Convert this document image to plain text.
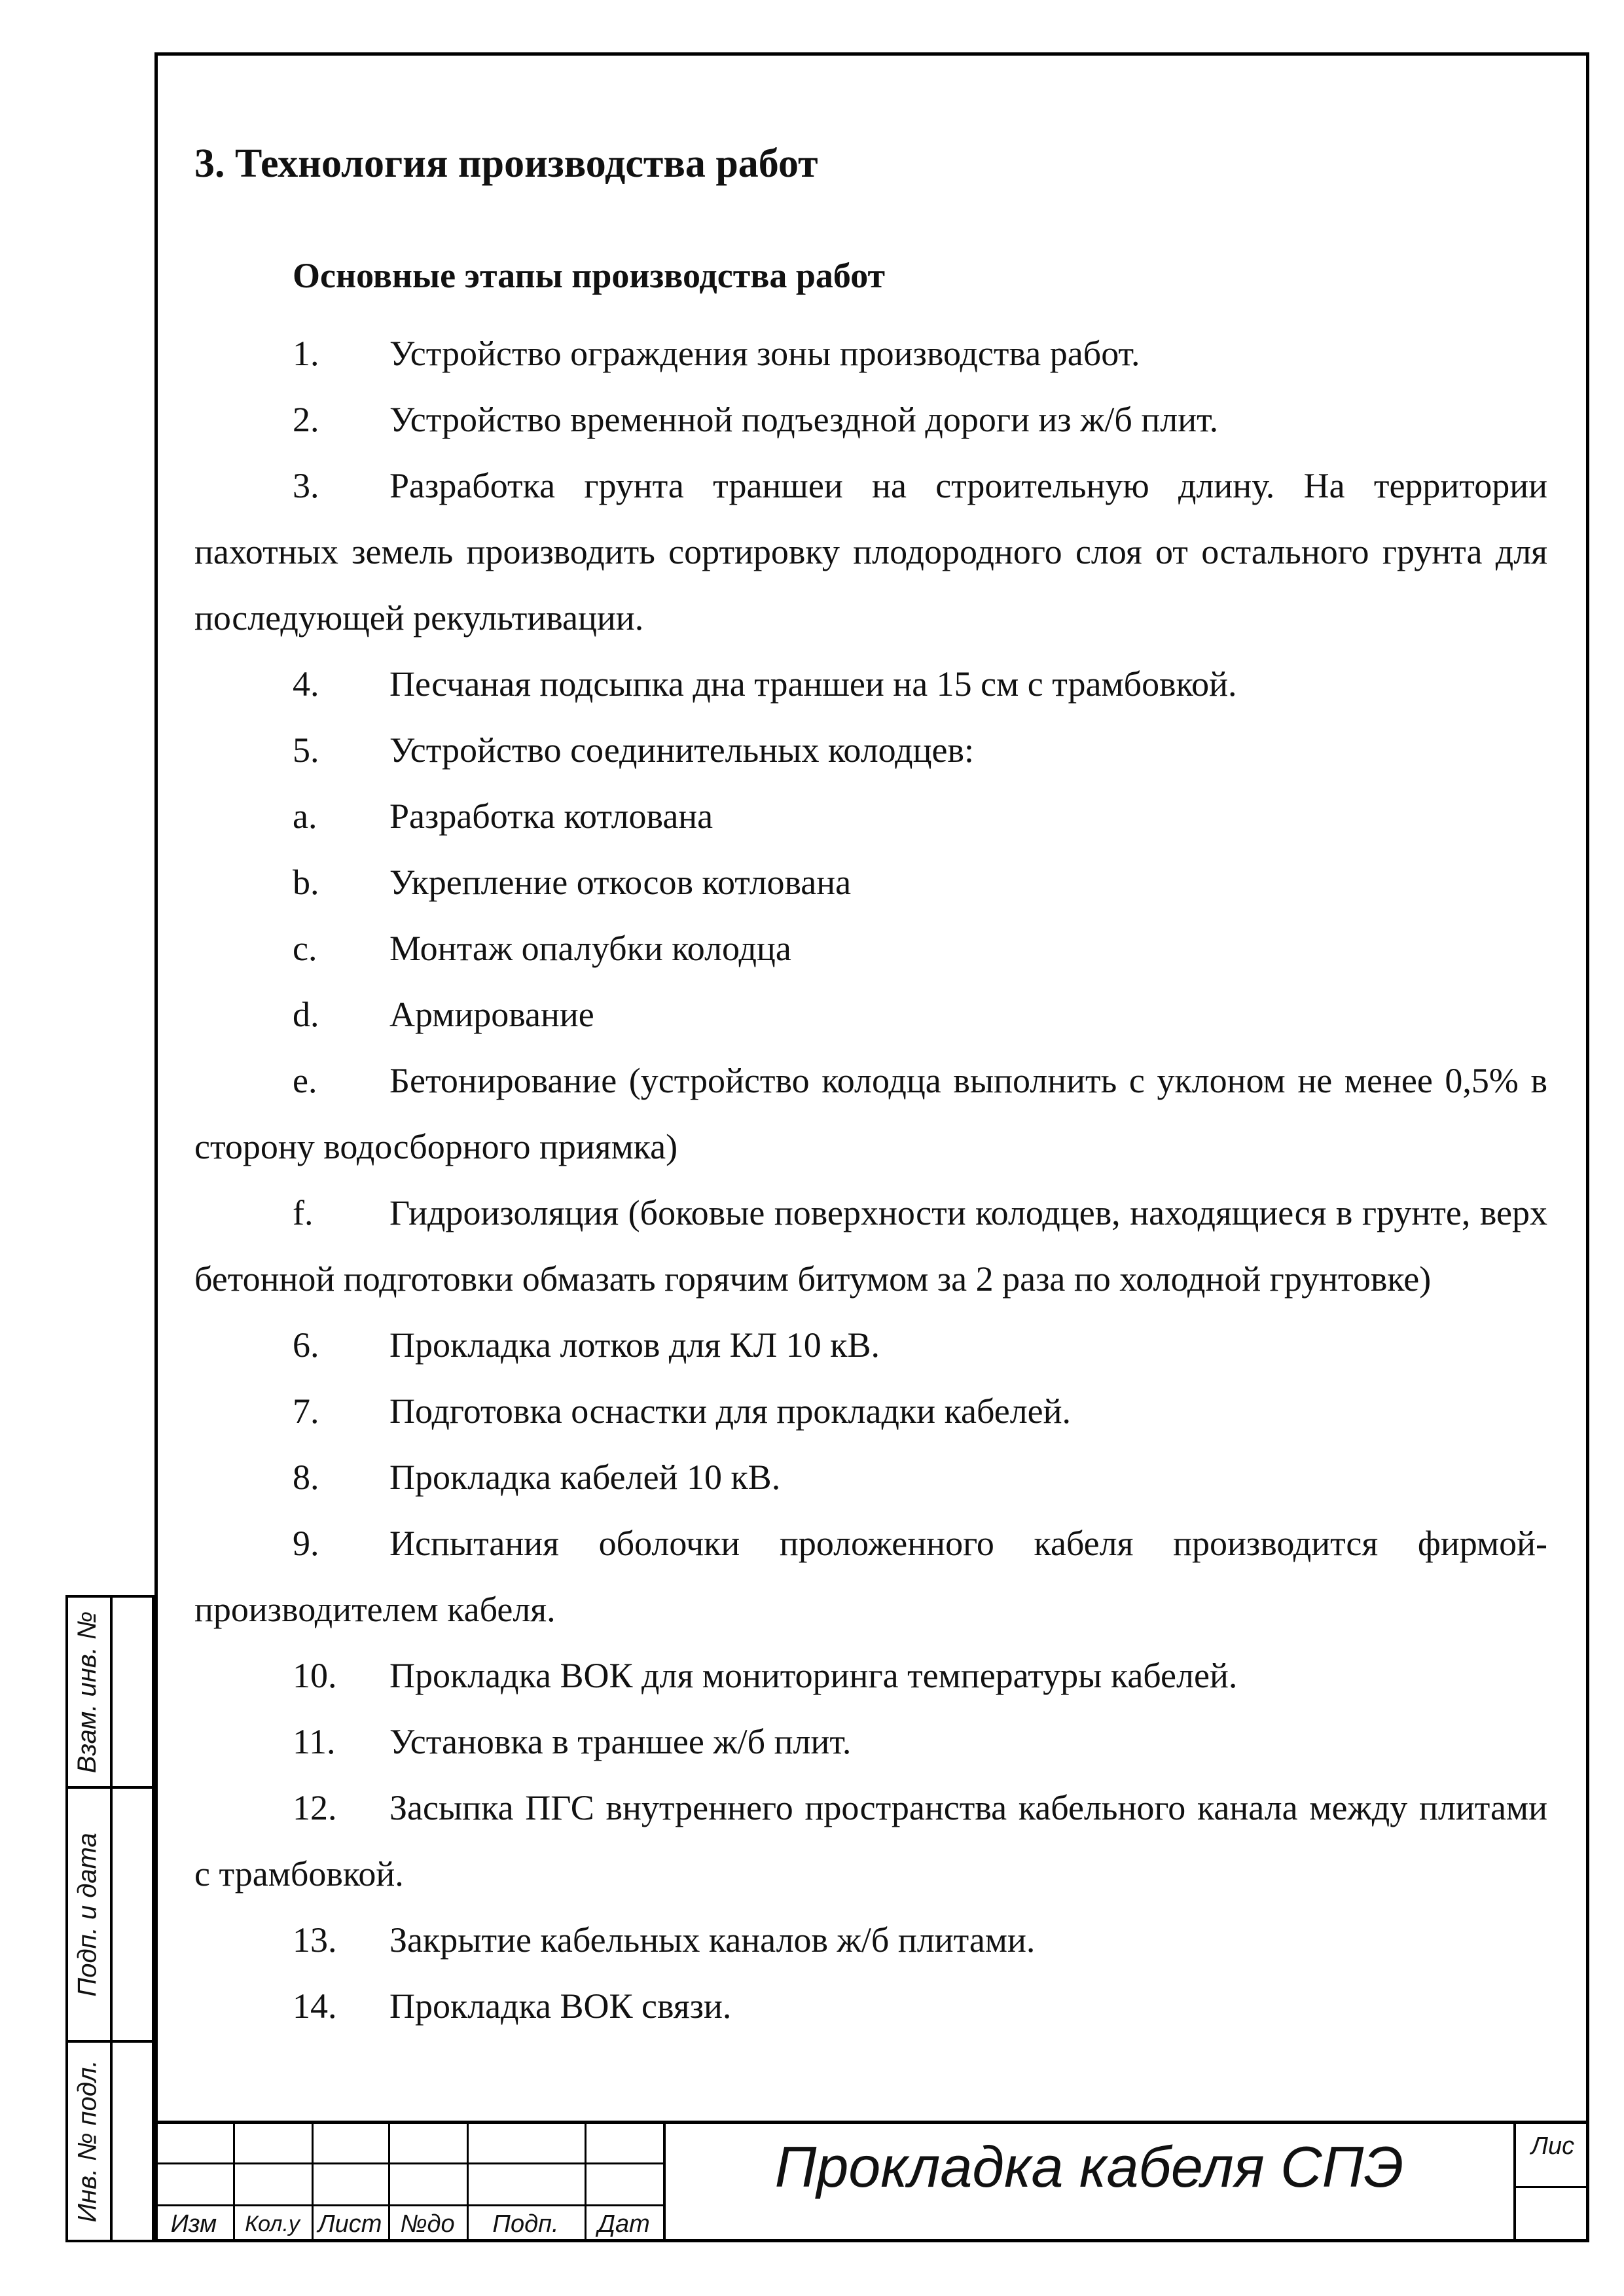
3. Технология производства работ
Основные этапы производства работ

1. Устройство ограждения зоны производства работ.

2. Устройство временной подъездной дороги из ж/б плит.

3. Разработка грунта траншеи на строительную длину. На территории пахотных земель производить сортировку плодородного слоя от остального грунта для последующей рекультивации.

4. Песчаная подсыпка дна траншеи на 15 см с трамбовкой.

5. Устройство соединительных колодцев:

a. Разработка котлована

b. Укрепление откосов котлована

c. Монтаж опалубки колодца

d. Армирование

e. Бетонирование (устройство колодца выполнить с уклоном не менее 0,5% в сторону водосборного приямка)

f. Гидроизоляция (боковые поверхности колодцев, находящиеся в грунте, верх бетонной подготовки обмазать горячим битумом за 2 раза по холодной грунтовке)

6. Прокладка лотков для КЛ 10 кВ.

7. Подготовка оснастки для прокладки кабелей.

8. Прокладка кабелей 10 кВ.

9. Испытания оболочки проложенного кабеля производится фирмой-производителем кабеля.

10. Прокладка ВОК для мониторинга температуры кабелей.

11. Установка в траншее ж/б плит.

12. Засыпка ПГС внутреннего пространства кабельного канала между плитами с трамбовкой.

13. Закрытие кабельных каналов ж/б плитами.

14. Прокладка ВОК связи.

Взам. инв. №
Подп. и дата
Инв. № подл.
Изм	Кол.у Лист №до	Подп.	Дат
Прокладка кабеля СПЭ	Лис
